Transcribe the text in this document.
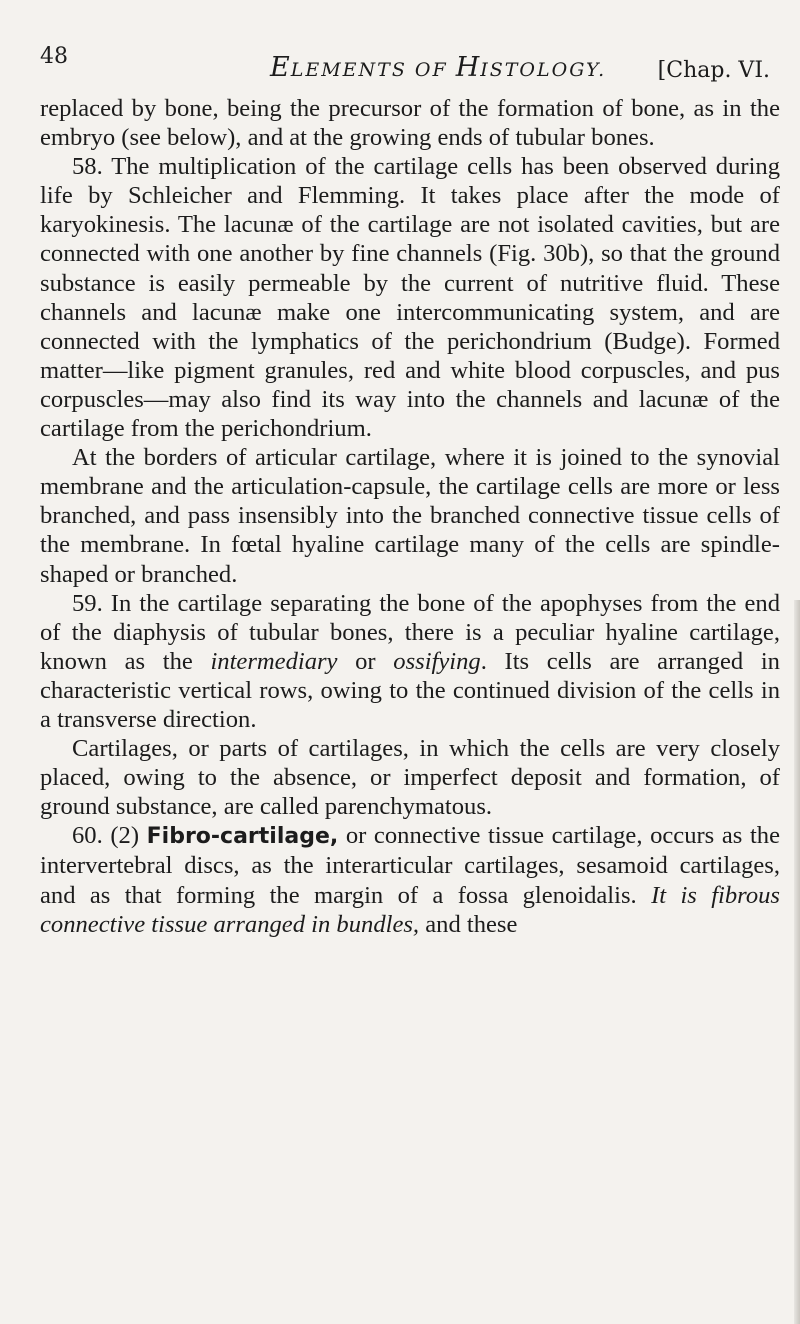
48	ELEMENTS OF HISTOLOGY. [Chap. VI.

replaced by bone, being the precursor of the formation of bone, as in the embryo (see below), and at the growing ends of tubular bones.

58. The multiplication of the cartilage cells has been observed during life by Schleicher and Flemming. It takes place after the mode of karyokinesis. The lacunæ of the cartilage are not isolated cavities, but are connected with one another by fine channels (Fig. 30b), so that the ground substance is easily permeable by the current of nutritive fluid. These channels and lacunæ make one intercommunicating system, and are connected with the lymphatics of the perichondrium (Budge). Formed matter—like pigment granules, red and white blood corpuscles, and pus corpuscles—may also find its way into the channels and lacunæ of the cartilage from the perichondrium.

At the borders of articular cartilage, where it is joined to the synovial membrane and the articulation-capsule, the cartilage cells are more or less branched, and pass insensibly into the branched connective tissue cells of the membrane. In fœtal hyaline cartilage many of the cells are spindle-shaped or branched.

59. In the cartilage separating the bone of the apophyses from the end of the diaphysis of tubular bones, there is a peculiar hyaline cartilage, known as the intermediary or ossifying. Its cells are arranged in characteristic vertical rows, owing to the continued division of the cells in a transverse direction.

Cartilages, or parts of cartilages, in which the cells are very closely placed, owing to the absence, or imperfect deposit and formation, of ground substance, are called parenchymatous.

60. (2) Fibro-cartilage, or connective tissue cartilage, occurs as the intervertebral discs, as the interarticular cartilages, sesamoid cartilages, and as that forming the margin of a fossa glenoidalis. It is fibrous connective tissue arranged in bundles, and these
